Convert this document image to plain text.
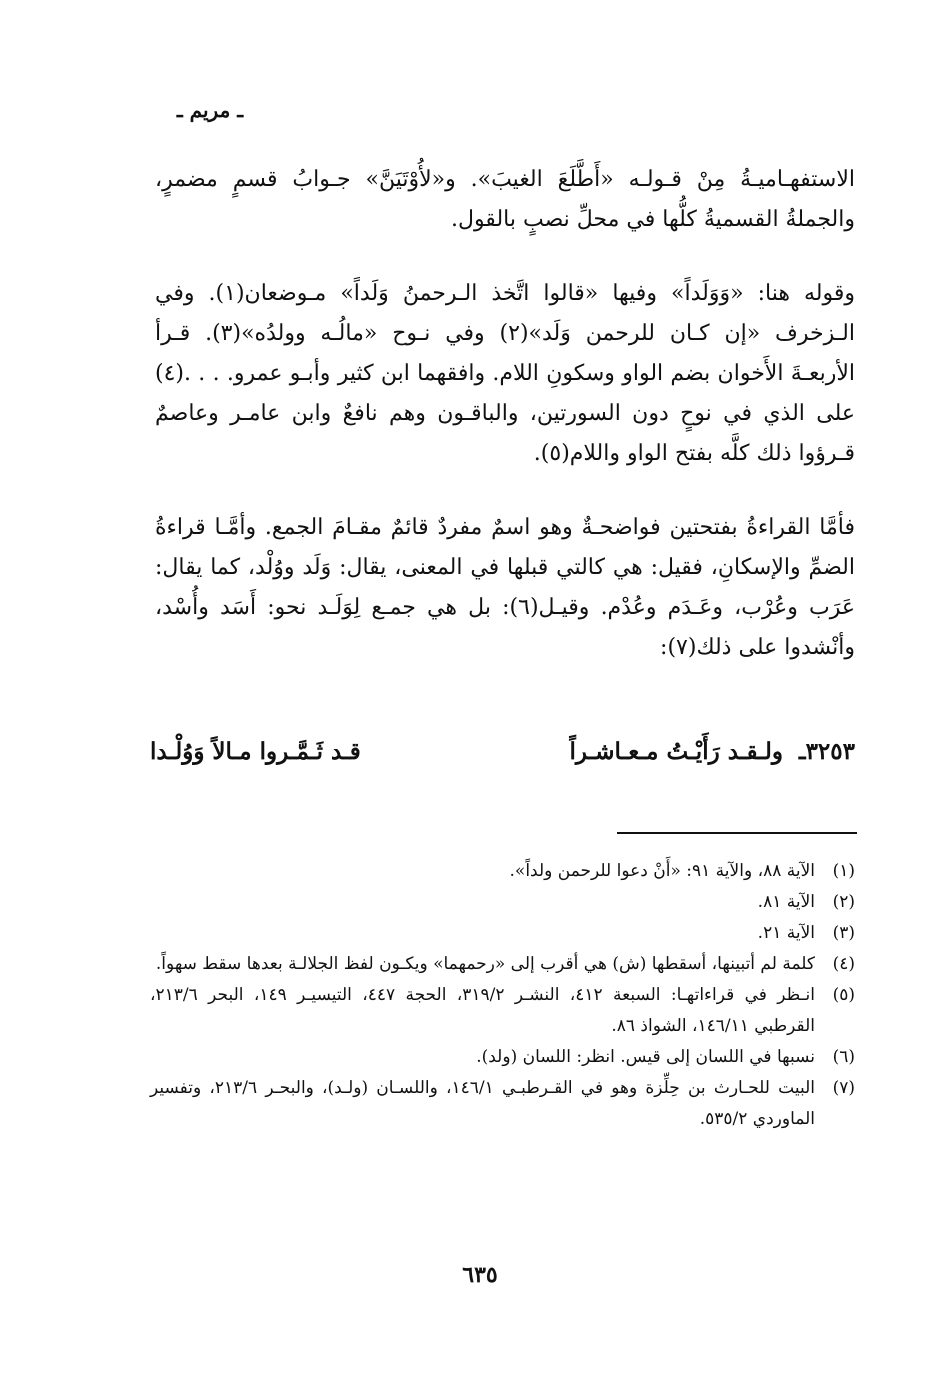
ـ مريم ـ

الاستفهـاميـةُ مِنْ قـولـه «أَطَّلَعَ الغيبَ». و«لأُوْتَيَنَّ» جـوابُ قسمٍ مضمرٍ، والجملةُ القسميةُ كلُّها في محلِّ نصبٍ بالقول.

وقوله هنا: «وَوَلَداً» وفيها «قالوا اتَّخذ الـرحمنُ وَلَداً» مـوضعان(١). وفي الـزخرف «إن كـان للرحمن وَلَد»(٢) وفي نـوح «مالُـه وولدُه»(٣). قـرأ الأربعـةَ الأَخوان بضم الواو وسكونِ اللام. وافقهما ابن كثير وأبـو عمرو. . . .(٤) على الذي في نوحٍ دون السورتين، والباقـون وهم نافعٌ وابن عامـر وعاصمٌ قـرؤوا ذلك كلَّه بفتح الواو واللام(٥).

فأمَّا القراءةُ بفتحتين فواضحـةٌ وهو اسمٌ مفردٌ قائمٌ مقـامَ الجمع. وأمَّـا قراءةُ الضمِّ والإسكانِ، فقيل: هي كالتي قبلها في المعنى، يقال: وَلَد ووُلْد، كما يقال: عَرَب وعُرْب، وعَـدَم وعُدْم. وقيـل(٦): بل هي جمـع لِوَلَـد نحو: أَسَد وأُسْد، وأنْشدوا على ذلك(٧):

٣٢٥٣ـ
ولـقـد رَأَيْـتُ مـعـاشـراً
قـد ثَـمَّـروا مـالاً وَوُلْـدا
(١)
الآية ٨٨، والآية ٩١: «أَنْ دعوا للرحمن ولداً».
(٢)
الآية ٨١.
(٣)
الآية ٢١.
(٤)
كلمة لم أتبينها، أسقطها (ش) هي أقرب إلى «رحمهما» ويكـون لفظ الجلالـة بعدها سقط سهواً.
(٥)
انـظر في قراءاتهـا: السبعة ٤١٢، النشـر ٣١٩/٢، الحجة ٤٤٧، التيسيـر ١٤٩، البحر ٢١٣/٦، القرطبي ١٤٦/١١، الشواذ ٨٦.
(٦)
نسبها في اللسان إلى قيس. انظر: اللسان (ولد).
(٧)
البيت للحـارث بن حِلِّزة وهو في القـرطبـي ١٤٦/١، واللسـان (ولـد)، والبحـر ٢١٣/٦، وتفسير الماوردي ٥٣٥/٢.
٦٣٥
